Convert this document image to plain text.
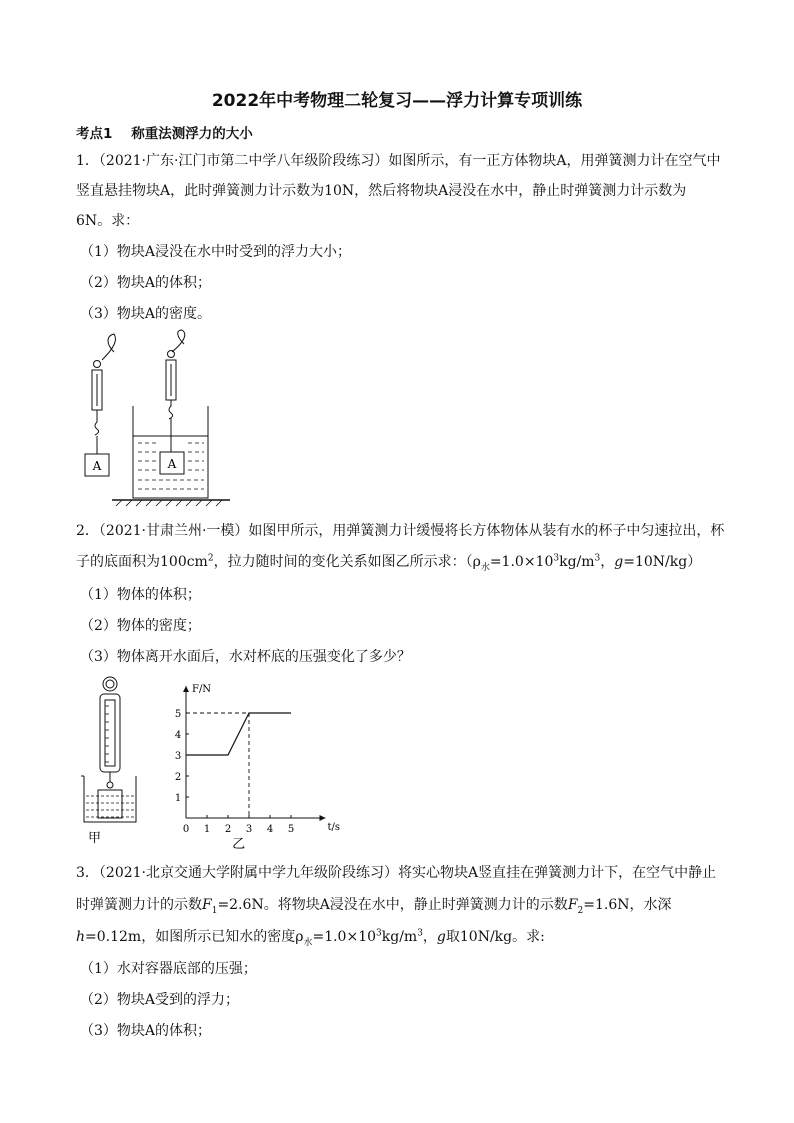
2022年中考物理二轮复习——浮力计算专项训练
考点1 称重法测浮力的大小
1．（2021·广东·江门市第二中学八年级阶段练习）如图所示，有一正方体物块A，用弹簧测力计在空气中
竖直悬挂物块A，此时弹簧测力计示数为10N，然后将物块A浸没在水中，静止时弹簧测力计示数为
6N。求：
（1）物块A浸没在水中时受到的浮力大小；
（2）物块A的体积；
（3）物块A的密度。
A	A
2．（2021·甘肃兰州·一模）如图甲所示，用弹簧测力计缓慢将长方体物体从装有水的杯子中匀速拉出，杯
子的底面积为$100cm^2$，拉力随时间的变化关系如图乙所示求：（$\rho_水=1.0\times 10^3kg/m^3$，g=10N/kg）
（1）物体的体积；
（2）物体的密度；
（3）物体离开水面后，水对杯底的压强变化了多少？
甲
0 1 2 3 4 5
1
2
3
4
5
F/N
t/s
乙
3．（2021·北京交通大学附属中学九年级阶段练习）将实心物块A竖直挂在弹簧测力计下，在空气中静止
时弹簧测力计的示数$F_1=2.6N$。将物块A浸没在水中，静止时弹簧测力计的示数$F_2=1.6N$，水深
h=0.12m，如图所示已知水的密度$\rho_水=1.0\times 10^3kg/m^3$，g取10N/kg。求:
（1）水对容器底部的压强；
（2）物块A受到的浮力；
（3）物块A的体积；
